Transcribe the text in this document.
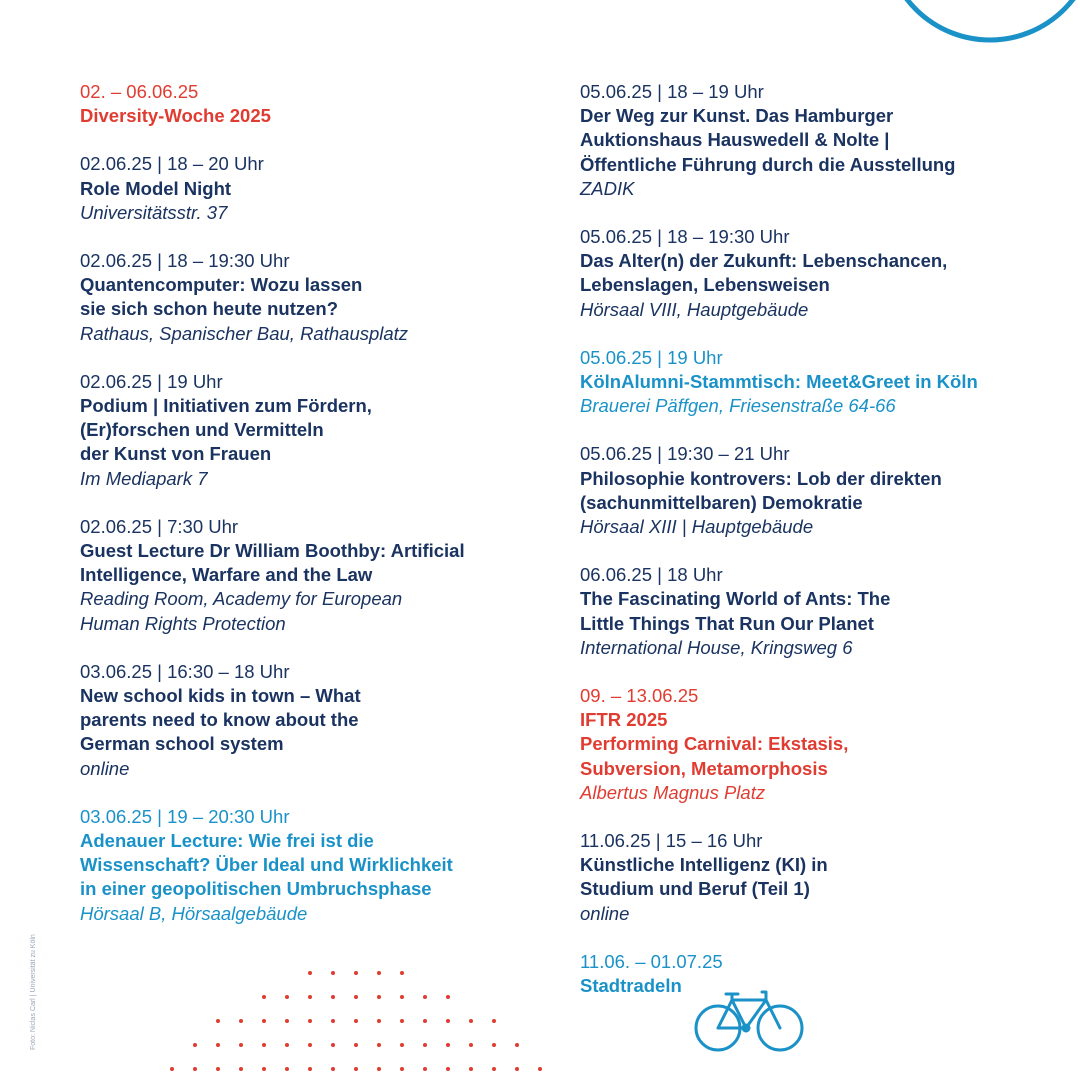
02. – 06.06.25
Diversity-Woche 2025
02.06.25 | 18 – 20 Uhr
Role Model Night
Universitätsstr. 37
02.06.25 | 18 – 19:30 Uhr
Quantencomputer: Wozu lassen
sie sich schon heute nutzen?
Rathaus, Spanischer Bau, Rathausplatz
02.06.25 | 19 Uhr
Podium | Initiativen zum Fördern,
(Er)forschen und Vermitteln
der Kunst von Frauen
Im Mediapark 7
02.06.25 | 7:30 Uhr
Guest Lecture Dr William Boothby: Artificial
Intelligence, Warfare and the Law
Reading Room, Academy for European
Human Rights Protection
03.06.25 | 16:30 – 18 Uhr
New school kids in town – What
parents need to know about the
German school system
online
03.06.25 | 19 – 20:30 Uhr
Adenauer Lecture: Wie frei ist die
Wissenschaft? Über Ideal und Wirklichkeit
in einer geopolitischen Umbruchsphase
Hörsaal B, Hörsaalgebäude
05.06.25 | 18 – 19 Uhr
Der Weg zur Kunst. Das Hamburger
Auktionshaus Hauswedell & Nolte |
Öffentliche Führung durch die Ausstellung
ZADIK
05.06.25 | 18 – 19:30 Uhr
Das Alter(n) der Zukunft: Lebenschancen,
Lebenslagen, Lebensweisen
Hörsaal VIII, Hauptgebäude
05.06.25 | 19 Uhr
KölnAlumni-Stammtisch: Meet&Greet in Köln
Brauerei Päffgen, Friesenstraße 64-66
05.06.25 | 19:30 – 21 Uhr
Philosophie kontrovers: Lob der direkten
(sachunmittelbaren) Demokratie
Hörsaal XIII | Hauptgebäude
06.06.25 | 18 Uhr
The Fascinating World of Ants: The
Little Things That Run Our Planet
International House, Kringsweg 6
09. – 13.06.25
IFTR 2025
Performing Carnival: Ekstasis,
Subversion, Metamorphosis
Albertus Magnus Platz
11.06.25 | 15 – 16 Uhr
Künstliche Intelligenz (KI) in
Studium und Beruf (Teil 1)
online
11.06. – 01.07.25
Stadtradeln
Foto: Niclas Carl | Universität zu Köln
